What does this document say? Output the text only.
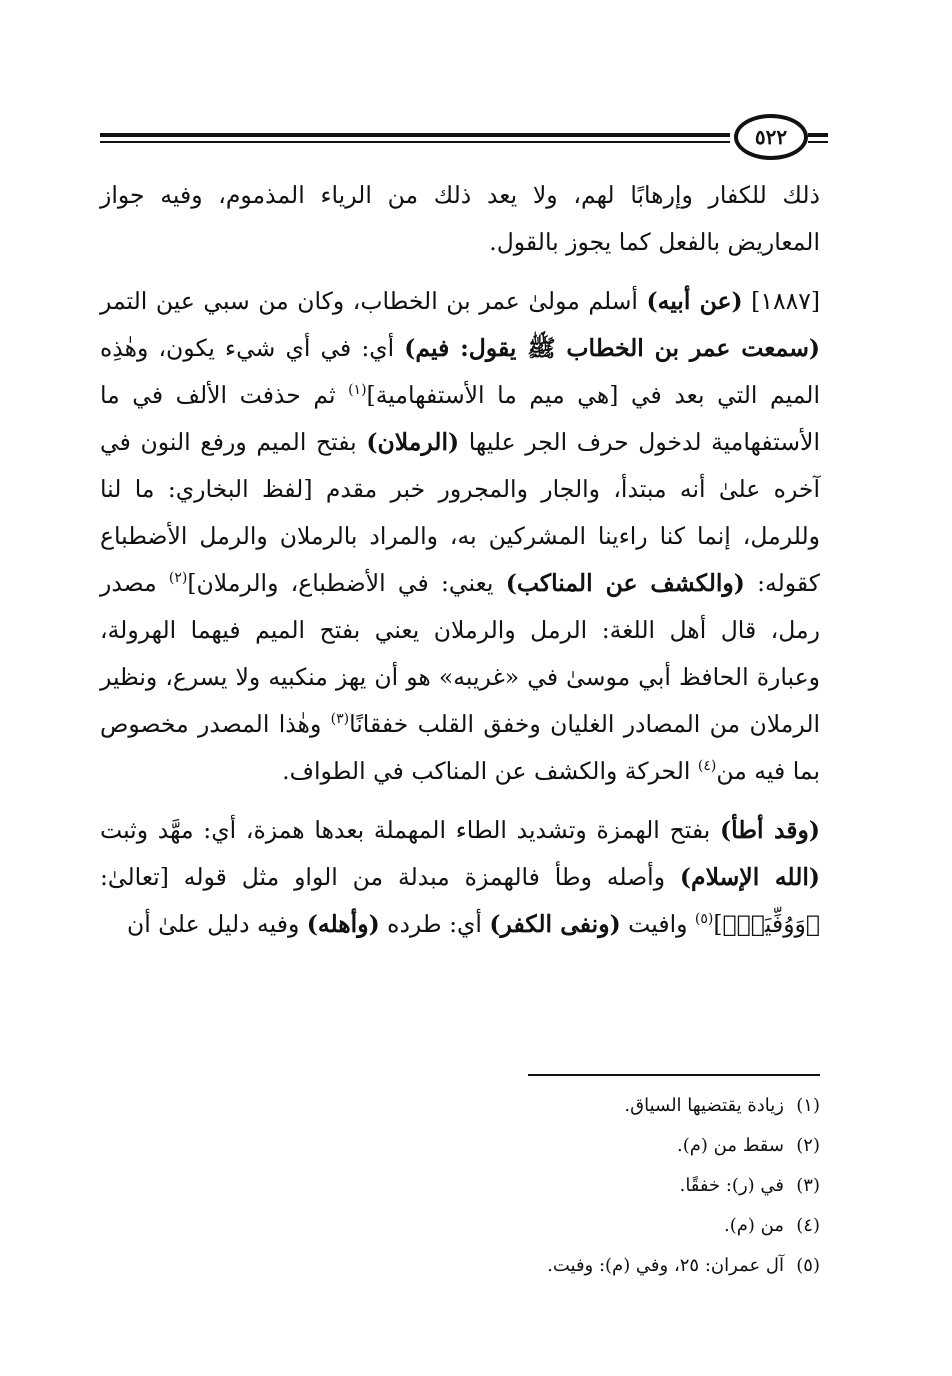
٥٢٢

ذلك للكفار وإرهابًا لهم، ولا يعد ذلك من الرياء المذموم، وفيه جواز المعاريض بالفعل كما يجوز بالقول.

[١٨٨٧] (عن أبيه) أسلم مولىٰ عمر بن الخطاب، وكان من سبي عين التمر (سمعت عمر بن الخطاب ﷺ يقول: فيم) أي: في أي شيء يكون، وهٰذِه الميم التي بعد في [هي ميم ما الأستفهامية]$^{(١)}$ ثم حذفت الألف في ما الأستفهامية لدخول حرف الجر عليها (الرملان) بفتح الميم ورفع النون في آخره علىٰ أنه مبتدأ، والجار والمجرور خبر مقدم [لفظ البخاري: ما لنا وللرمل، إنما كنا راءينا المشركين به، والمراد بالرملان والرمل الأضطباع كقوله: (والكشف عن المناكب) يعني: في الأضطباع، والرملان]$^{(٢)}$ مصدر رمل، قال أهل اللغة: الرمل والرملان يعني بفتح الميم فيهما الهرولة، وعبارة الحافظ أبي موسىٰ في «غريبه» هو أن يهز منكبيه ولا يسرع، ونظير الرملان من المصادر الغليان وخفق القلب خفقانًا$^{(٣)}$ وهٰذا المصدر مخصوص بما فيه من$^{(٤)}$ الحركة والكشف عن المناكب في الطواف.

(وقد أطأ) بفتح الهمزة وتشديد الطاء المهملة بعدها همزة، أي: مهَّد وثبت (الله الإسلام) وأصله وطأ فالهمزة مبدلة من الواو مثل قوله [تعالىٰ: ﴿وَوُفِّيَتۡ﴾]$^{(٥)}$ وافيت (ونفى الكفر) أي: طرده (وأهله) وفيه دليل علىٰ أن

(١)زيادة يقتضيها السياق.
(٢)سقط من (م).
(٣)في (ر): خفقًا.
(٤)من (م).
(٥)آل عمران: ٢٥، وفي (م): وفيت.
